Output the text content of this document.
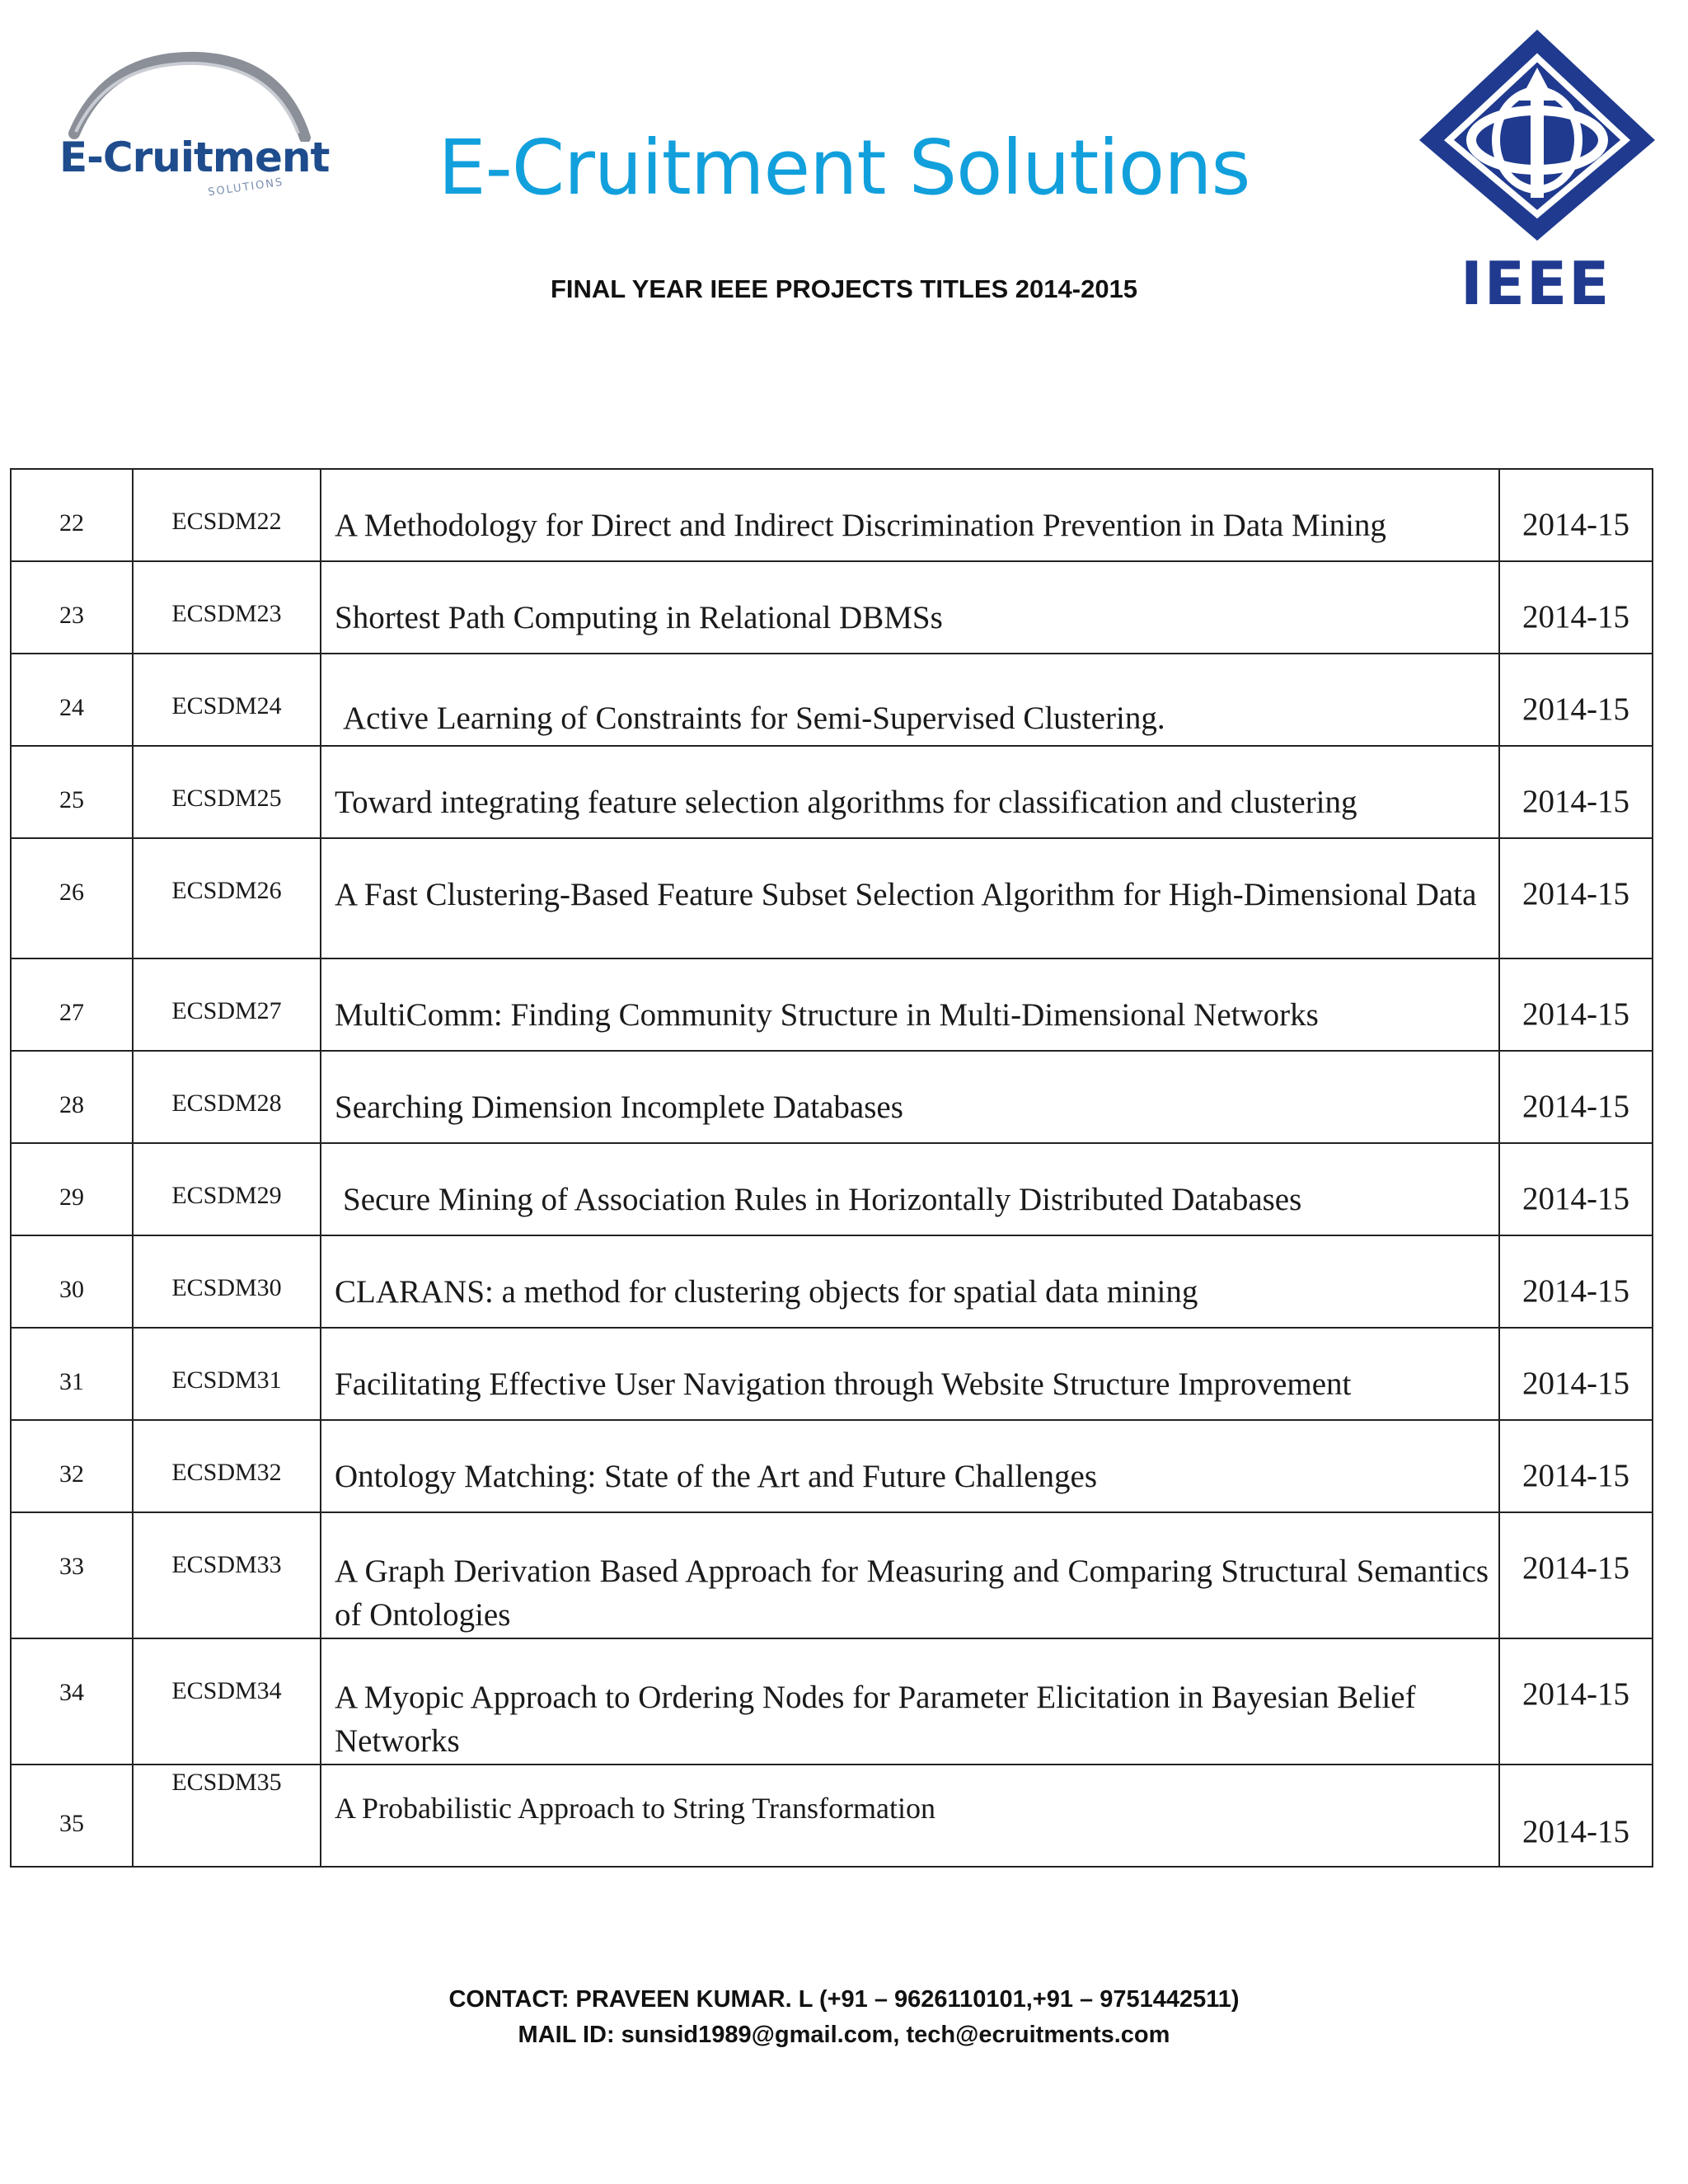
E-Cruitment
SOLUTIONS	E-Cruitment Solutions
FINAL YEAR IEEE PROJECTS TITLES 2014-2015	IEEE
22	ECSDM22	A Methodology for Direct and Indirect Discrimination Prevention in Data Mining	2014-15
23	ECSDM23	Shortest Path Computing in Relational DBMSs	2014-15
24	ECSDM24	Active Learning of Constraints for Semi-Supervised Clustering.	2014-15
25	ECSDM25	Toward integrating feature selection algorithms for classification and clustering	2014-15
26	ECSDM26	A Fast Clustering-Based Feature Subset Selection Algorithm for High-Dimensional Data	2014-15
27	ECSDM27	MultiComm: Finding Community Structure in Multi-Dimensional Networks	2014-15
28	ECSDM28	Searching Dimension Incomplete Databases	2014-15
29	ECSDM29	Secure Mining of Association Rules in Horizontally Distributed Databases	2014-15
30	ECSDM30	CLARANS: a method for clustering objects for spatial data mining	2014-15
31	ECSDM31	Facilitating Effective User Navigation through Website Structure Improvement	2014-15
32	ECSDM32	Ontology Matching: State of the Art and Future Challenges	2014-15
33	ECSDM33	A Graph Derivation Based Approach for Measuring and Comparing Structural Semantics of Ontologies	2014-15
34	ECSDM34	A Myopic Approach to Ordering Nodes for Parameter Elicitation in Bayesian Belief Networks	2014-15
35	ECSDM35	A Probabilistic Approach to String Transformation	2014-15
CONTACT: PRAVEEN KUMAR. L (+91 – 9626110101,+91 – 9751442511)
MAIL ID: sunsid1989@gmail.com, tech@ecruitments.com
